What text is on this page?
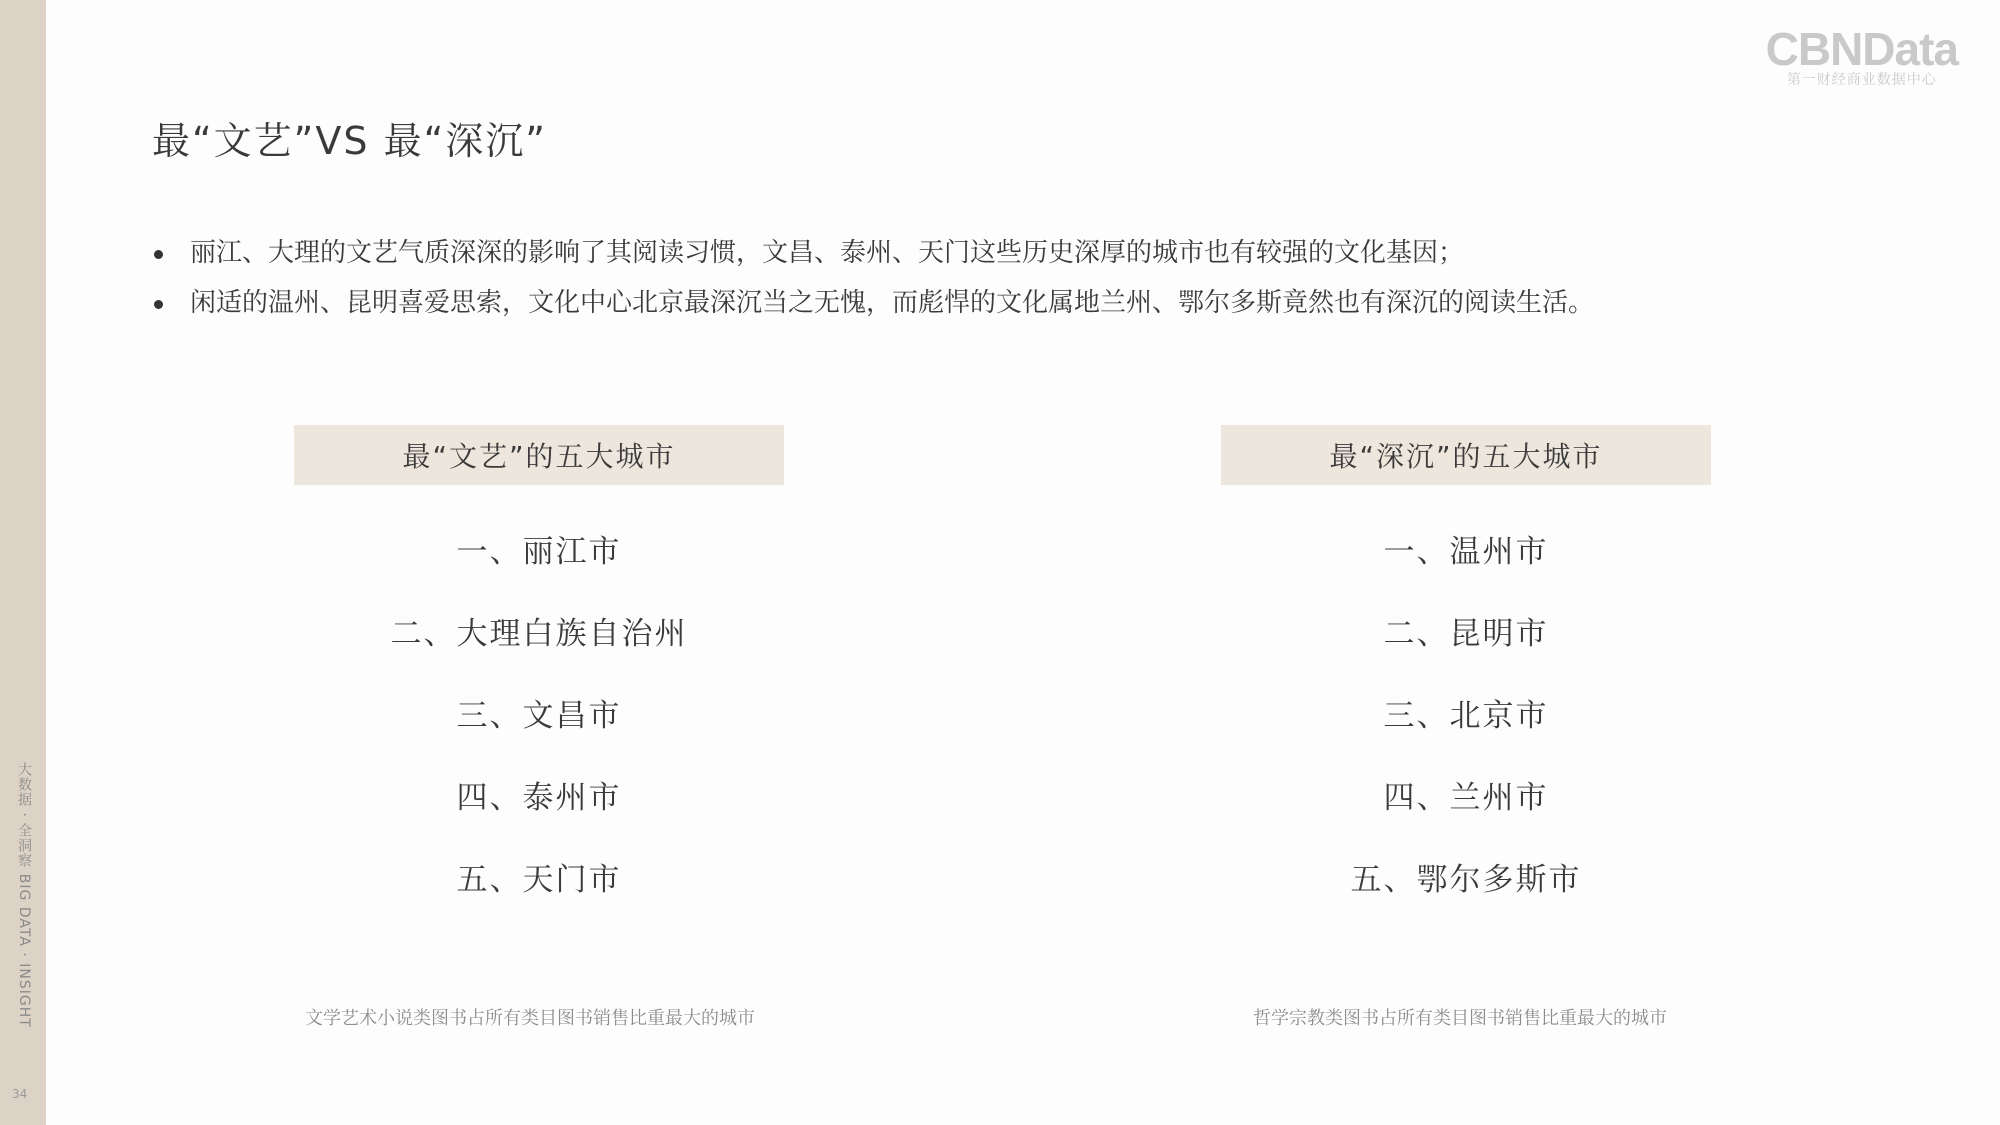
大数据 · 全洞察 BIG DATA · INSIGHT
34
CBNData
第一财经商业数据中心
最“文艺”VS 最“深沉”
丽江、大理的文艺气质深深的影响了其阅读习惯，文昌、泰州、天门这些历史深厚的城市也有较强的文化基因；
闲适的温州、昆明喜爱思索，文化中心北京最深沉当之无愧，而彪悍的文化属地兰州、鄂尔多斯竟然也有深沉的阅读生活。
最“文艺”的五大城市
一、丽江市
二、大理白族自治州
三、文昌市
四、泰州市
五、天门市
最“深沉”的五大城市
一、温州市
二、昆明市
三、北京市
四、兰州市
五、鄂尔多斯市
文学艺术小说类图书占所有类目图书销售比重最大的城市	哲学宗教类图书占所有类目图书销售比重最大的城市
